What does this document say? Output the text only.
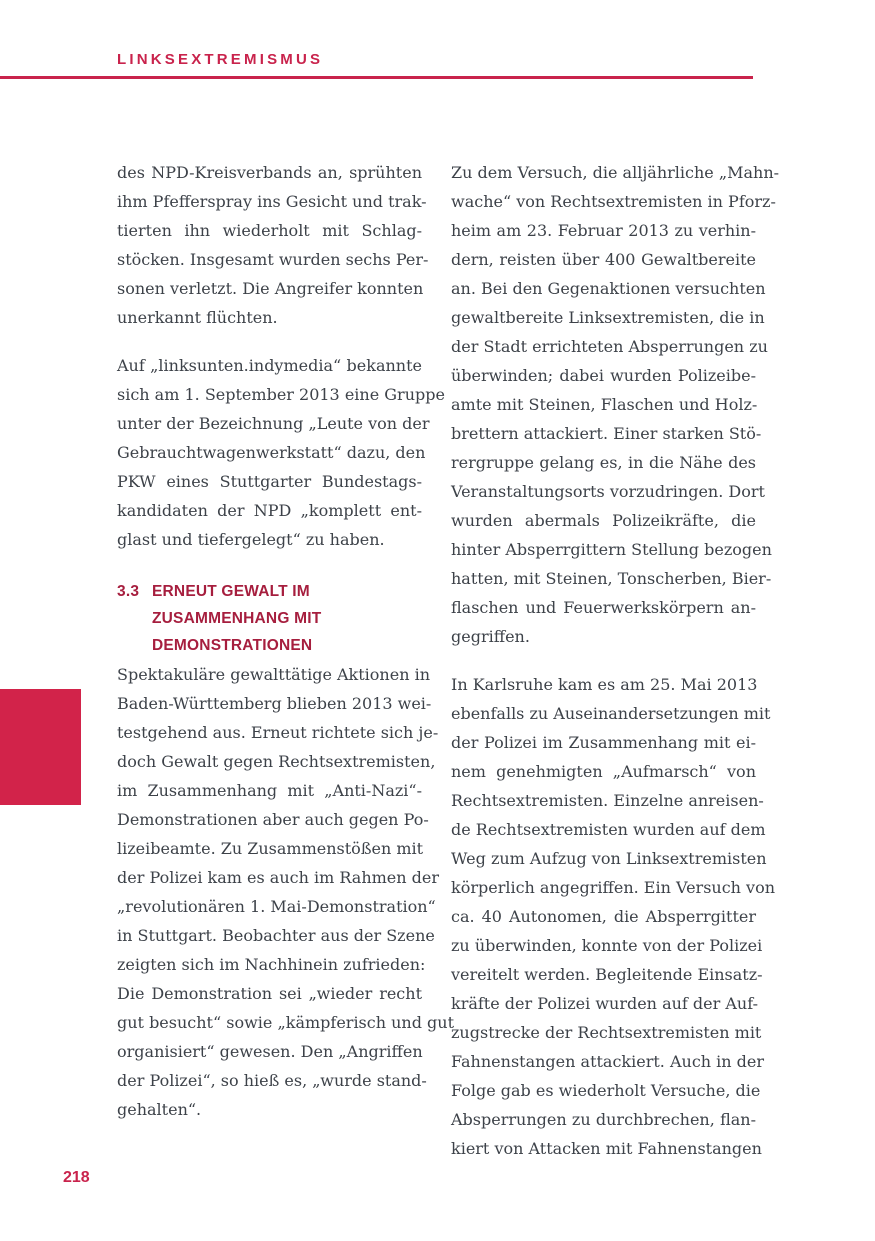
LINKSEXTREMISMUS
des NPD-Kreisverbands an, sprühten
ihm Pfefferspray ins Gesicht und trak-
tierten ihn wiederholt mit Schlag-
stöcken. Insgesamt wurden sechs Per-
sonen verletzt. Die Angreifer konnten
unerkannt flüchten.
Auf „linksunten.indymedia“ bekannte
sich am 1. September 2013 eine Gruppe
unter der Bezeichnung „Leute von der
Gebrauchtwagenwerkstatt“ dazu, den
PKW eines Stuttgarter Bundestags-
kandidaten der NPD „komplett ent-
glast und tiefergelegt“ zu haben.
3.3 ERNEUT GEWALT IM
ZUSAMMENHANG MIT
DEMONSTRATIONEN
Spektakuläre gewalttätige Aktionen in
Baden-Württemberg blieben 2013 wei-
testgehend aus. Erneut richtete sich je-
doch Gewalt gegen Rechtsextremisten,
im Zusammenhang mit „Anti-Nazi“-
Demonstrationen aber auch gegen Po-
lizeibeamte. Zu Zusammenstößen mit
der Polizei kam es auch im Rahmen der
„revolutionären 1. Mai-Demonstration“
in Stuttgart. Beobachter aus der Szene
zeigten sich im Nachhinein zufrieden:
Die Demonstration sei „wieder recht
gut besucht“ sowie „kämpferisch und gut
organisiert“ gewesen. Den „Angriffen
der Polizei“, so hieß es, „wurde stand-
gehalten“.
Zu dem Versuch, die alljährliche „Mahn-
wache“ von Rechtsextremisten in Pforz-
heim am 23. Februar 2013 zu verhin-
dern, reisten über 400 Gewaltbereite
an. Bei den Gegenaktionen versuchten
gewaltbereite Linksextremisten, die in
der Stadt errichteten Absperrungen zu
überwinden; dabei wurden Polizeibe-
amte mit Steinen, Flaschen und Holz-
brettern attackiert. Einer starken Stö-
rergruppe gelang es, in die Nähe des
Veranstaltungsorts vorzudringen. Dort
wurden abermals Polizeikräfte, die
hinter Absperrgittern Stellung bezogen
hatten, mit Steinen, Tonscherben, Bier-
flaschen und Feuerwerkskörpern an-
gegriffen.
In Karlsruhe kam es am 25. Mai 2013
ebenfalls zu Auseinandersetzungen mit
der Polizei im Zusammenhang mit ei-
nem genehmigten „Aufmarsch“ von
Rechtsextremisten. Einzelne anreisen-
de Rechtsextremisten wurden auf dem
Weg zum Aufzug von Linksextremisten
körperlich angegriffen. Ein Versuch von
ca. 40 Autonomen, die Absperrgitter
zu überwinden, konnte von der Polizei
vereitelt werden. Begleitende Einsatz-
kräfte der Polizei wurden auf der Auf-
zugstrecke der Rechtsextremisten mit
Fahnenstangen attackiert. Auch in der
Folge gab es wiederholt Versuche, die
Absperrungen zu durchbrechen, flan-
kiert von Attacken mit Fahnenstangen
218
